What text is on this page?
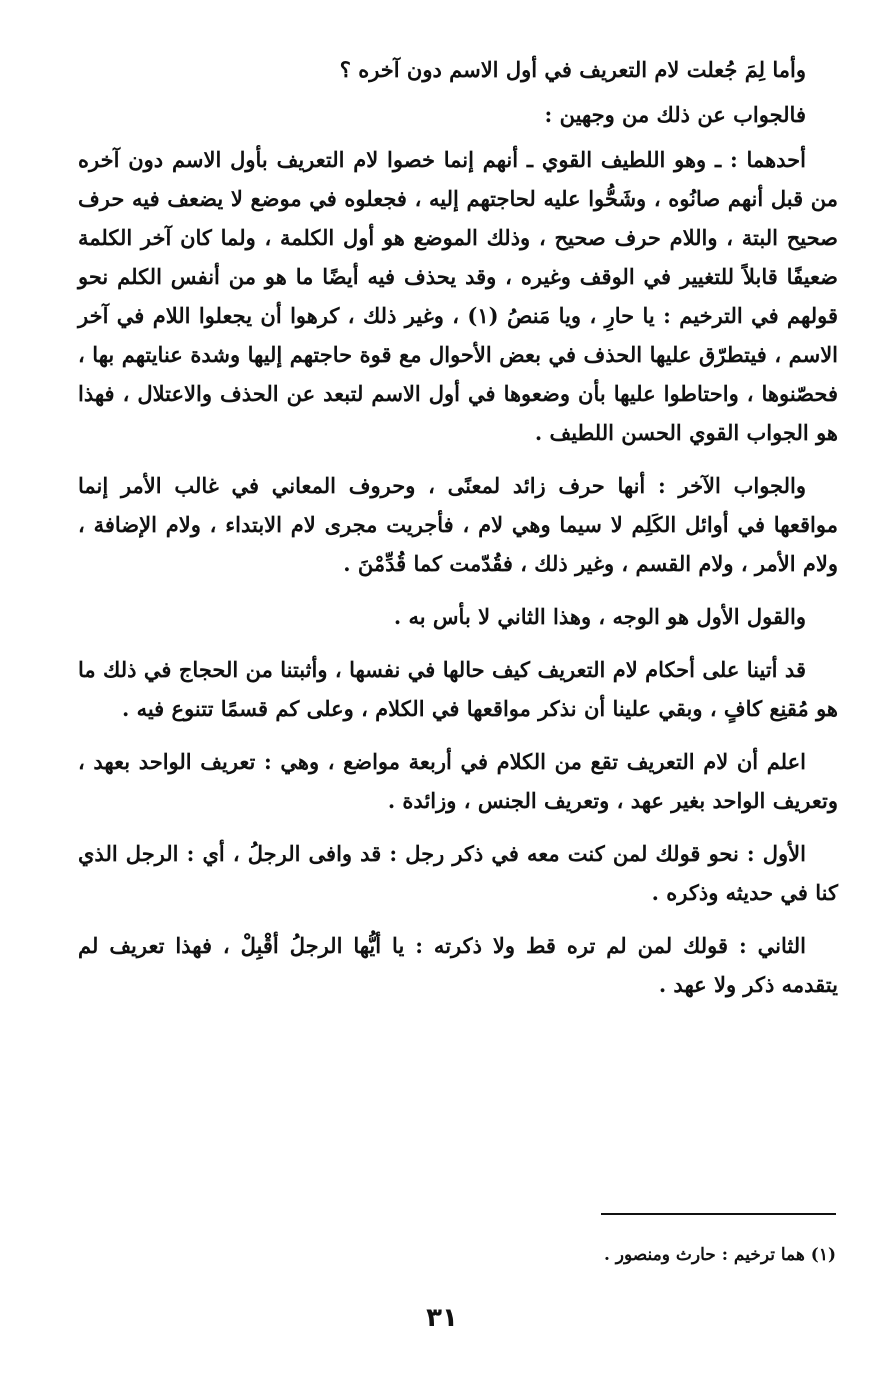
وأما لِمَ جُعلت لام التعريف في أول الاسم دون آخره ؟

فالجواب عن ذلك من وجهين :

أحدهما : ـ وهو اللطيف القوي ـ أنهم إنما خصوا لام التعريف بأول الاسم دون آخره من قبل أنهم صانُوه ، وشَحُّوا عليه لحاجتهم إليه ، فجعلوه في موضع لا يضعف فيه حرف صحيح البتة ، واللام حرف صحيح ، وذلك الموضع هو أول الكلمة ، ولما كان آخر الكلمة ضعيفًا قابلاً للتغيير في الوقف وغيره ، وقد يحذف فيه أيضًا ما هو من أنفس الكلم نحو قولهم في الترخيم : يا حارِ ، ويا مَنصُ (١) ، وغير ذلك ، كرهوا أن يجعلوا اللام في آخر الاسم ، فيتطرّق عليها الحذف في بعض الأحوال مع قوة حاجتهم إليها وشدة عنايتهم بها ، فحصّنوها ، واحتاطوا عليها بأن وضعوها في أول الاسم لتبعد عن الحذف والاعتلال ، فهذا هو الجواب القوي الحسن اللطيف .

والجواب الآخر : أنها حرف زائد لمعنًى ، وحروف المعاني في غالب الأمر إنما مواقعها في أوائل الكَلِم لا سيما وهي لام ، فأجريت مجرى لام الابتداء ، ولام الإضافة ، ولام الأمر ، ولام القسم ، وغير ذلك ، فقُدّمت كما قُدِّمْنَ .

والقول الأول هو الوجه ، وهذا الثاني لا بأس به .

قد أتينا على أحكام لام التعريف كيف حالها في نفسها ، وأثبتنا من الحجاج في ذلك ما هو مُقنِع كافٍ ، وبقي علينا أن نذكر مواقعها في الكلام ، وعلى كم قسمًا تتنوع فيه .

اعلم أن لام التعريف تقع من الكلام في أربعة مواضع ، وهي : تعريف الواحد بعهد ، وتعريف الواحد بغير عهد ، وتعريف الجنس ، وزائدة .

الأول : نحو قولك لمن كنت معه في ذكر رجل : قد وافى الرجلُ ، أي : الرجل الذي كنا في حديثه وذكره .

الثاني : قولك لمن لم تره قط ولا ذكرته : يا أيُّها الرجلُ أقْبِلْ ، فهذا تعريف لم يتقدمه ذكر ولا عهد .

(١) هما ترخيم : حارث ومنصور .

٣١
